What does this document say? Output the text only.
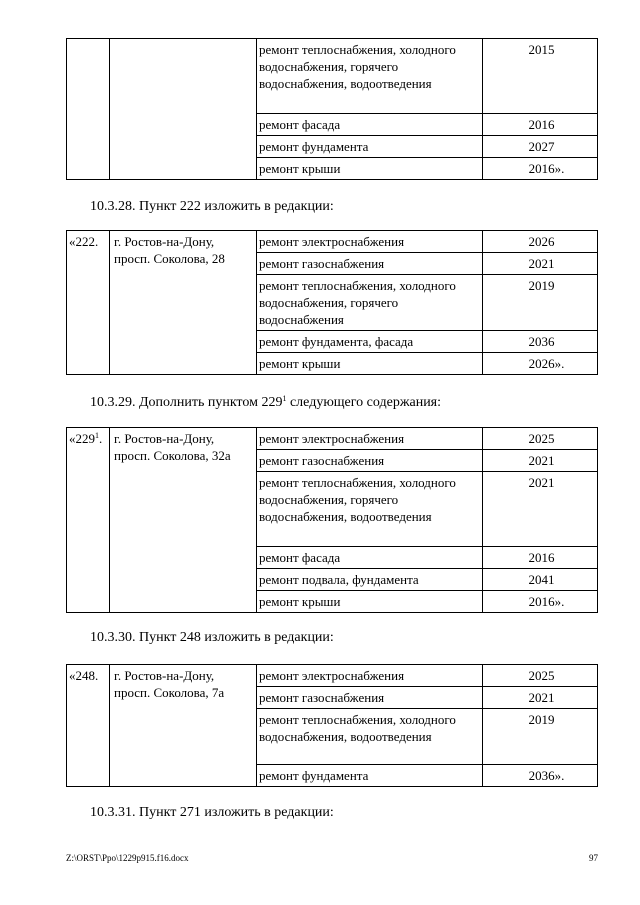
		ремонт теплоснабжения, холодного водоснабжения, горячего водоснабжения, водоотведения	2015
		ремонт фасада	2016
		ремонт фундамента	2027
		ремонт крыши	2016».
10.3.28. Пункт 222 изложить в редакции:
«222.	г. Ростов-на-Дону, просп. Соколова, 28	ремонт электроснабжения	2026
		ремонт газоснабжения	2021
		ремонт теплоснабжения, холодного водоснабжения, горячего водоснабжения	2019
		ремонт фундамента, фасада	2036
		ремонт крыши	2026».
10.3.29. Дополнить пунктом $229^1$ следующего содержания:
«$229^1$.	г. Ростов-на-Дону, просп. Соколова, 32а	ремонт электроснабжения	2025
		ремонт газоснабжения	2021
		ремонт теплоснабжения, холодного водоснабжения, горячего водоснабжения, водоотведения	2021
		ремонт фасада	2016
		ремонт подвала, фундамента	2041
		ремонт крыши	2016».
10.3.30. Пункт 248 изложить в редакции:
«248.	г. Ростов-на-Дону, просп. Соколова, 7а	ремонт электроснабжения	2025
		ремонт газоснабжения	2021
		ремонт теплоснабжения, холодного водоснабжения, водоотведения	2019
		ремонт фундамента	2036».
10.3.31. Пункт 271 изложить в редакции:
Z:\ORST\Ppo\1229p915.f16.docx	97
